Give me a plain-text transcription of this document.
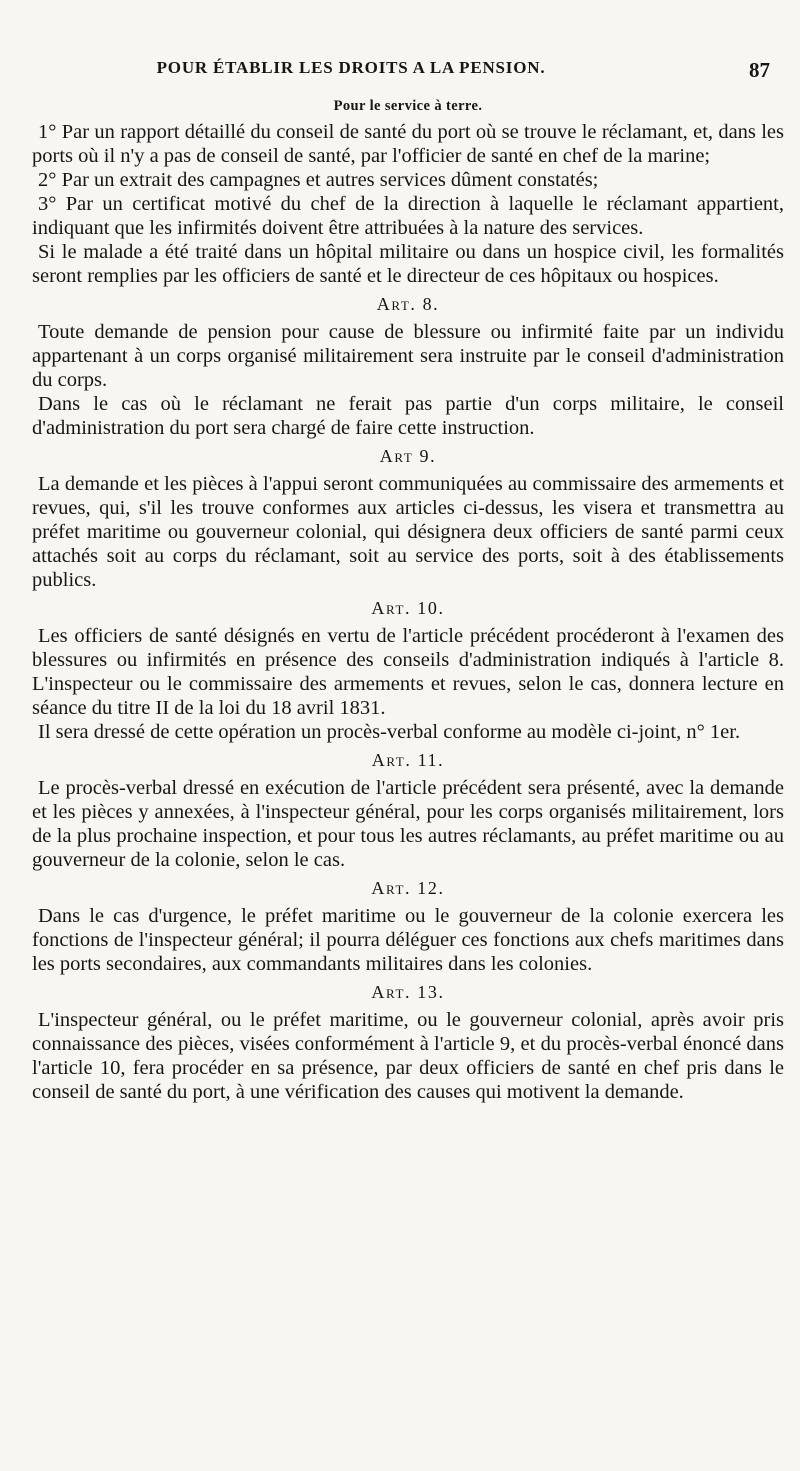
POUR ÉTABLIR LES DROITS A LA PENSION.	87
Pour le service à terre.

1° Par un rapport détaillé du conseil de santé du port où se trouve le réclamant, et, dans les ports où il n'y a pas de conseil de santé, par l'officier de santé en chef de la marine;

2° Par un extrait des campagnes et autres services dûment constatés;

3° Par un certificat motivé du chef de la direction à laquelle le réclamant appartient, indiquant que les infirmités doivent être attribuées à la nature des services.

Si le malade a été traité dans un hôpital militaire ou dans un hospice civil, les formalités seront remplies par les officiers de santé et le directeur de ces hôpitaux ou hospices.

Art. 8.

Toute demande de pension pour cause de blessure ou infirmité faite par un individu appartenant à un corps organisé militairement sera instruite par le conseil d'administration du corps.

Dans le cas où le réclamant ne ferait pas partie d'un corps militaire, le conseil d'administration du port sera chargé de faire cette instruction.

Art 9.

La demande et les pièces à l'appui seront communiquées au commissaire des armements et revues, qui, s'il les trouve conformes aux articles ci-dessus, les visera et transmettra au préfet maritime ou gouverneur colonial, qui désignera deux officiers de santé parmi ceux attachés soit au corps du réclamant, soit au service des ports, soit à des établissements publics.

Art. 10.

Les officiers de santé désignés en vertu de l'article précédent procéderont à l'examen des blessures ou infirmités en présence des conseils d'administration indiqués à l'article 8. L'inspecteur ou le commissaire des armements et revues, selon le cas, donnera lecture en séance du titre II de la loi du 18 avril 1831.

Il sera dressé de cette opération un procès-verbal conforme au modèle ci-joint, n° 1er.

Art. 11.

Le procès-verbal dressé en exécution de l'article précédent sera présenté, avec la demande et les pièces y annexées, à l'inspecteur général, pour les corps organisés militairement, lors de la plus prochaine inspection, et pour tous les autres réclamants, au préfet maritime ou au gouverneur de la colonie, selon le cas.

Art. 12.

Dans le cas d'urgence, le préfet maritime ou le gouverneur de la colonie exercera les fonctions de l'inspecteur général; il pourra déléguer ces fonctions aux chefs maritimes dans les ports secondaires, aux commandants militaires dans les colonies.

Art. 13.

L'inspecteur général, ou le préfet maritime, ou le gouverneur colonial, après avoir pris connaissance des pièces, visées conformément à l'article 9, et du procès-verbal énoncé dans l'article 10, fera procéder en sa présence, par deux officiers de santé en chef pris dans le conseil de santé du port, à une vérification des causes qui motivent la demande.
